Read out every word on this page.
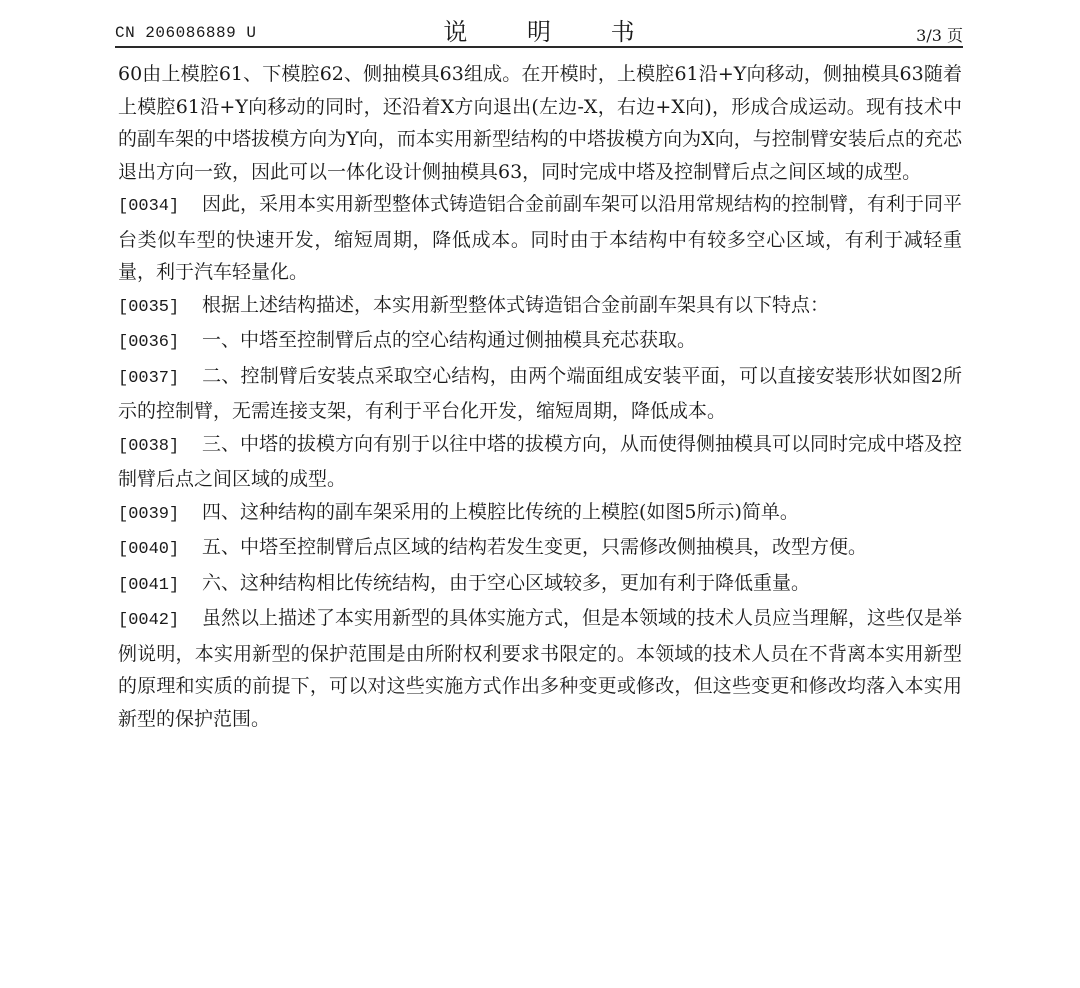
CN 206086889 U	说 明 书	3/3 页

60由上模腔61、下模腔62、侧抽模具63组成。在开模时，上模腔61沿+Y向移动，侧抽模具63随着上模腔61沿+Y向移动的同时，还沿着X方向退出(左边-X，右边+X向)，形成合成运动。现有技术中的副车架的中塔拔模方向为Y向，而本实用新型结构的中塔拔模方向为X向，与控制臂安装后点的充芯退出方向一致，因此可以一体化设计侧抽模具63，同时完成中塔及控制臂后点之间区域的成型。

[0034] 因此，采用本实用新型整体式铸造铝合金前副车架可以沿用常规结构的控制臂，有利于同平台类似车型的快速开发，缩短周期，降低成本。同时由于本结构中有较多空心区域，有利于减轻重量，利于汽车轻量化。

[0035] 根据上述结构描述，本实用新型整体式铸造铝合金前副车架具有以下特点：

[0036] 一、中塔至控制臂后点的空心结构通过侧抽模具充芯获取。

[0037] 二、控制臂后安装点采取空心结构，由两个端面组成安装平面，可以直接安装形状如图2所示的控制臂，无需连接支架，有利于平台化开发，缩短周期，降低成本。

[0038] 三、中塔的拔模方向有别于以往中塔的拔模方向，从而使得侧抽模具可以同时完成中塔及控制臂后点之间区域的成型。

[0039] 四、这种结构的副车架采用的上模腔比传统的上模腔(如图5所示)简单。

[0040] 五、中塔至控制臂后点区域的结构若发生变更，只需修改侧抽模具，改型方便。

[0041] 六、这种结构相比传统结构，由于空心区域较多，更加有利于降低重量。

[0042] 虽然以上描述了本实用新型的具体实施方式，但是本领域的技术人员应当理解，这些仅是举例说明，本实用新型的保护范围是由所附权利要求书限定的。本领域的技术人员在不背离本实用新型的原理和实质的前提下，可以对这些实施方式作出多种变更或修改，但这些变更和修改均落入本实用新型的保护范围。
